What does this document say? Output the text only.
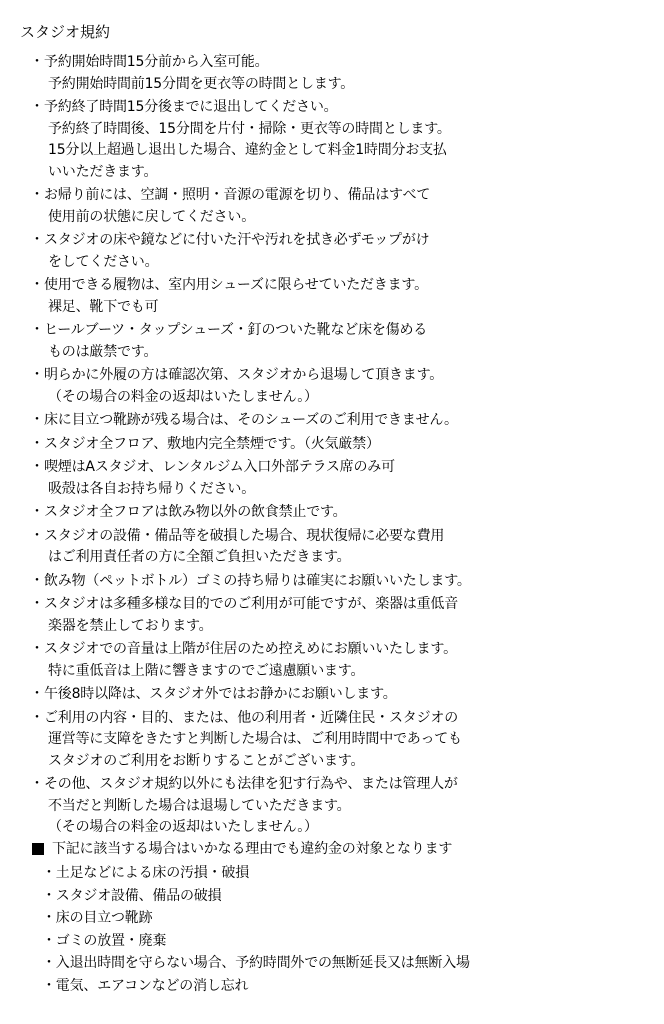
スタジオ規約
・ 予約開始時間15分前から入室可能。
予約開始時間前15分間を更衣等の時間とします。
・ 予約終了時間15分後までに退出してください。
予約終了時間後、15分間を片付・掃除・更衣等の時間とします。
15分以上超過し退出した場合、違約金として料金1時間分お支払
いいただきます。
・ お帰り前には、空調・照明・音源の電源を切り、備品はすべて
使用前の状態に戻してください。
・ スタジオの床や鏡などに付いた汗や汚れを拭き必ずモップがけ
をしてください。
・ 使用できる履物は、室内用シューズに限らせていただきます。
裸足、靴下でも可
・ ヒールブーツ・タップシューズ・釘のついた靴など床を傷める
ものは厳禁です。
・ 明らかに外履の方は確認次第、スタジオから退場して頂きます。
（その場合の料金の返却はいたしません。）
・ 床に目立つ靴跡が残る場合は、そのシューズのご利用できません。
・ スタジオ全フロア、敷地内完全禁煙です。（火気厳禁）
・ 喫煙はAスタジオ、レンタルジム入口外部テラス席のみ可
吸殻は各自お持ち帰りください。
・ スタジオ全フロアは飲み物以外の飲食禁止です。
・ スタジオの設備・備品等を破損した場合、現状復帰に必要な費用
はご利用責任者の方に全額ご負担いただきます。
・ 飲み物（ペットボトル）ゴミの持ち帰りは確実にお願いいたします。
・ スタジオは多種多様な目的でのご利用が可能ですが、楽器は重低音
楽器を禁止しております。
・ スタジオでの音量は上階が住居のため控えめにお願いいたします。
特に重低音は上階に響きますのでご遠慮願います。
・ 午後8時以降は、スタジオ外ではお静かにお願いします。
・ ご利用の内容・目的、または、他の利用者・近隣住民・スタジオの
運営等に支障をきたすと判断した場合は、ご利用時間中であっても
スタジオのご利用をお断りすることがございます。
・ その他、スタジオ規約以外にも法律を犯す行為や、または管理人が
不当だと判断した場合は退場していただきます。
（その場合の料金の返却はいたしません。）
下記に該当する場合はいかなる理由でも違約金の対象となります
・土足などによる床の汚損・破損
・スタジオ設備、備品の破損
・床の目立つ靴跡
・ゴミの放置・廃棄
・入退出時間を守らない場合、予約時間外での無断延長又は無断入場
・電気、エアコンなどの消し忘れ
